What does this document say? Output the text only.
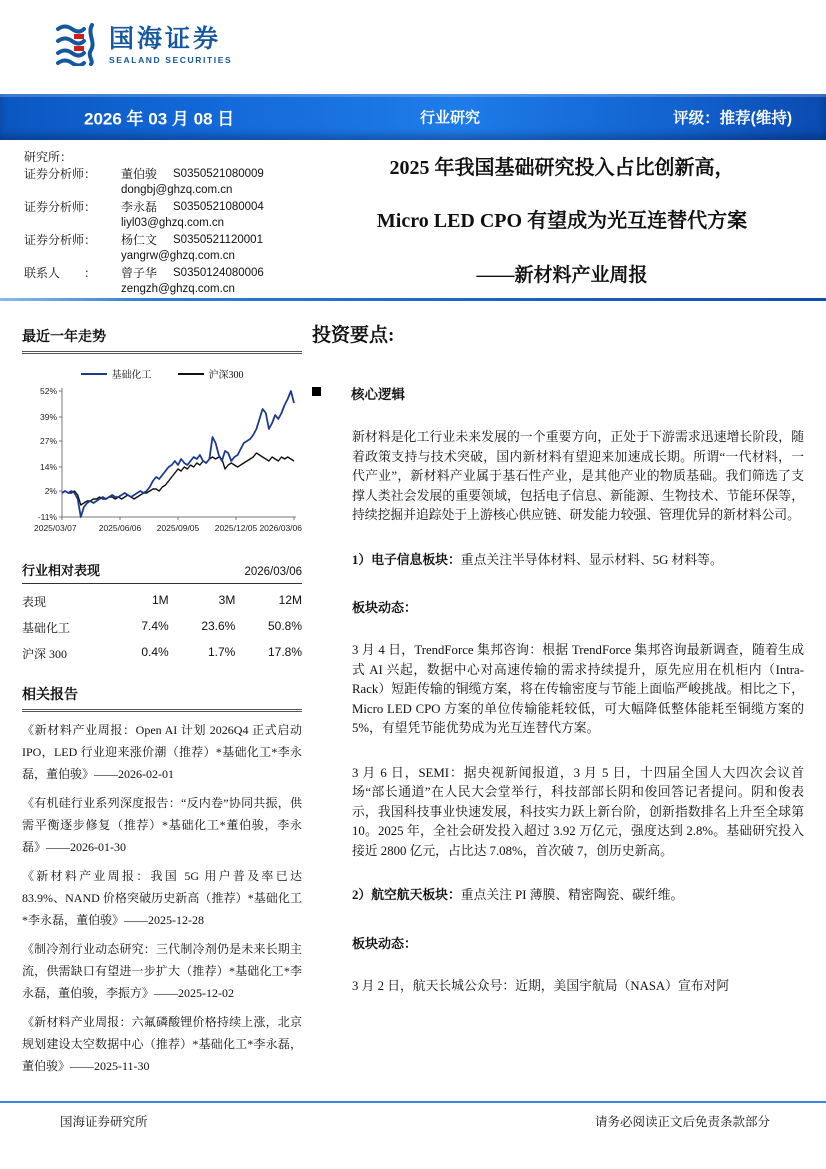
国海证券
SEALAND SECURITIES
2026 年 03 月 08 日	行业研究	评级：推荐(维持)
研究所：
证券分析师：	董伯骏	S0350521080009
dongbj@ghzq.com.cn
证券分析师：	李永磊	S0350521080004
liyl03@ghzq.com.cn
证券分析师：	杨仁文	S0350521120001
yangrw@ghzq.com.cn
联系人　　：	曾子华	S0350124080006
zengzh@ghzq.com.cn
2025 年我国基础研究投入占比创新高，
Micro LED CPO 有望成为光互连替代方案
——新材料产业周报
最近一年走势
基础化工	沪深300
52%
39%
27%
14%
2%
-11%
2025/03/07	2025/06/06 2025/09/05 2025/12/05 2026/03/06
行业相对表现	2026/03/06
表现	1M	3M	12M
基础化工	7.4%	23.6%	50.8%
沪深 300	0.4%	1.7%	17.8%
相关报告
《新材料产业周报：Open AI 计划 2026Q4 正式启动 IPO，LED 行业迎来涨价潮（推荐）*基础化工*李永磊，董伯骏》——2026-02-01
《有机硅行业系列深度报告：“反内卷”协同共振，供需平衡逐步修复（推荐）*基础化工*董伯骏，李永磊》——2026-01-30
《新材料产业周报：我国 5G 用户普及率已达 83.9%、NAND 价格突破历史新高（推荐）*基础化工*李永磊，董伯骏》——2025-12-28
《制冷剂行业动态研究：三代制冷剂仍是未来长期主流，供需缺口有望进一步扩大（推荐）*基础化工*李永磊，董伯骏，李振方》——2025-12-02
《新材料产业周报：六氟磷酸锂价格持续上涨，北京规划建设太空数据中心（推荐）*基础化工*李永磊，董伯骏》——2025-11-30
投资要点:
核心逻辑
新材料是化工行业未来发展的一个重要方向，正处于下游需求迅速增长阶段，随着政策支持与技术突破，国内新材料有望迎来加速成长期。所谓“一代材料，一代产业”，新材料产业属于基石性产业，是其他产业的物质基础。我们筛选了支撑人类社会发展的重要领域，包括电子信息、新能源、生物技术、节能环保等，持续挖掘并追踪处于上游核心供应链、研发能力较强、管理优异的新材料公司。
1）电子信息板块：重点关注半导体材料、显示材料、5G 材料等。
板块动态：
3 月 4 日，TrendForce 集邦咨询：根据 TrendForce 集邦咨询最新调查，随着生成式 AI 兴起，数据中心对高速传输的需求持续提升，原先应用在机柜内（Intra-Rack）短距传输的铜缆方案，将在传输密度与节能上面临严峻挑战。相比之下，Micro LED CPO 方案的单位传输能耗较低，可大幅降低整体能耗至铜缆方案的 5%，有望凭节能优势成为光互连替代方案。
3 月 6 日，SEMI：据央视新闻报道，3 月 5 日，十四届全国人大四次会议首场“部长通道”在人民大会堂举行，科技部部长阴和俊回答记者提问。阴和俊表示，我国科技事业快速发展，科技实力跃上新台阶，创新指数排名上升至全球第 10。2025 年，全社会研发投入超过 3.92 万亿元，强度达到 2.8%。基础研究投入接近 2800 亿元，占比达 7.08%，首次破 7，创历史新高。
2）航空航天板块：重点关注 PI 薄膜、精密陶瓷、碳纤维。
板块动态：
3 月 2 日，航天长城公众号：近期，美国宇航局（NASA）宣布对阿
国海证券研究所	请务必阅读正文后免责条款部分
